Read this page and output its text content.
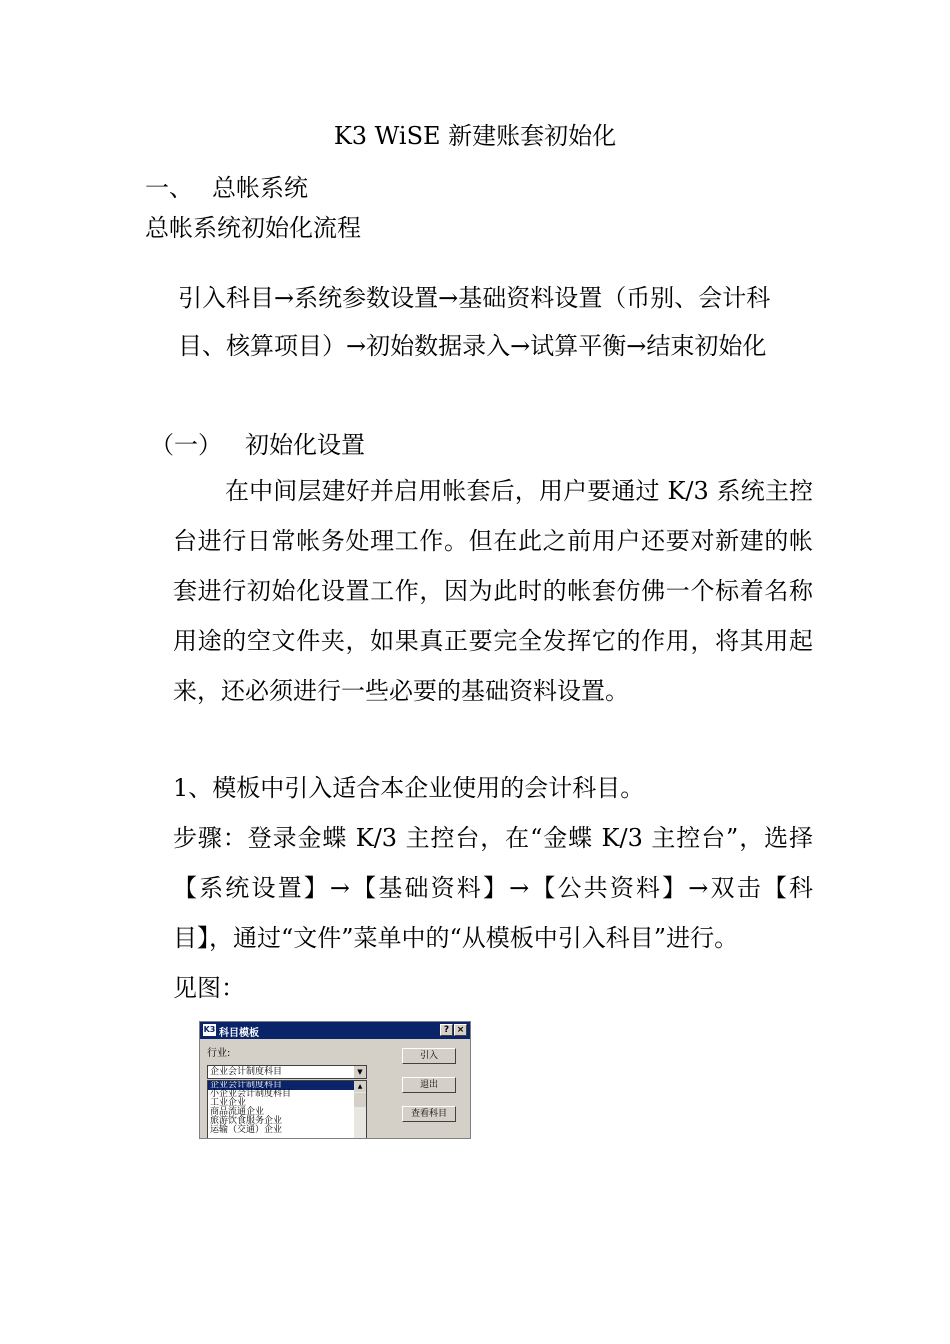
K3 WiSE 新建账套初始化
一、 总帐系统
总帐系统初始化流程
引入科目→系统参数设置→基础资料设置（币别、会计科
目、核算项目）→初始数据录入→试算平衡→结束初始化
（一） 初始化设置
在中间层建好并启用帐套后，用户要通过 K/3 系统主控台进行日常帐务处理工作。但在此之前用户还要对新建的帐套进行初始化设置工作，因为此时的帐套仿佛一个标着名称用途的空文件夹，如果真正要完全发挥它的作用，将其用起来，还必须进行一些必要的基础资料设置。
1、模板中引入适合本企业使用的会计科目。
步骤：登录金蝶 K/3 主控台，在“金蝶 K/3 主控台”，选择【系统设置】→【基础资料】→【公共资料】→双击【科目】，通过“文件”菜单中的“从模板中引入科目”进行。
见图：
K3 科目模板	? ×
行业:
企业会计制度科目	▼
企业会计制度科目
小企业会计制度科目
工业企业
商品流通企业
旅游饮食服务企业
运输（交通）企业
▲
引入
退出
查看科目
